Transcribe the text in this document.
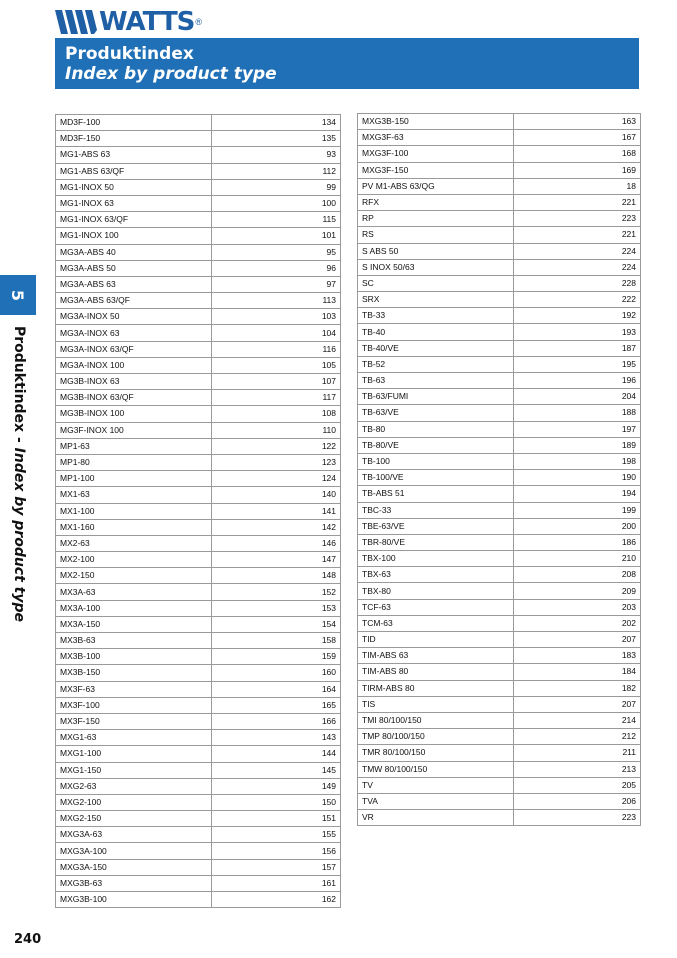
WATTS ®
Produktindex
Index by product type
5
Produktindex - Index by product type
MD3F-100	134
MD3F-150	135
MG1-ABS 63	93
MG1-ABS 63/QF	112
MG1-INOX 50	99
MG1-INOX 63	100
MG1-INOX 63/QF	115
MG1-INOX 100	101
MG3A-ABS 40	95
MG3A-ABS 50	96
MG3A-ABS 63	97
MG3A-ABS 63/QF	113
MG3A-INOX 50	103
MG3A-INOX 63	104
MG3A-INOX 63/QF	116
MG3A-INOX 100	105
MG3B-INOX 63	107
MG3B-INOX 63/QF	117
MG3B-INOX 100	108
MG3F-INOX 100	110
MP1-63	122
MP1-80	123
MP1-100	124
MX1-63	140
MX1-100	141
MX1-160	142
MX2-63	146
MX2-100	147
MX2-150	148
MX3A-63	152
MX3A-100	153
MX3A-150	154
MX3B-63	158
MX3B-100	159
MX3B-150	160
MX3F-63	164
MX3F-100	165
MX3F-150	166
MXG1-63	143
MXG1-100	144
MXG1-150	145
MXG2-63	149
MXG2-100	150
MXG2-150	151
MXG3A-63	155
MXG3A-100	156
MXG3A-150	157
MXG3B-63	161
MXG3B-100	162
MXG3B-150	163
MXG3F-63	167
MXG3F-100	168
MXG3F-150	169
PV M1-ABS 63/QG	18
RFX	221
RP	223
RS	221
S ABS 50	224
S INOX 50/63	224
SC	228
SRX	222
TB-33	192
TB-40	193
TB-40/VE	187
TB-52	195
TB-63	196
TB-63/FUMI	204
TB-63/VE	188
TB-80	197
TB-80/VE	189
TB-100	198
TB-100/VE	190
TB-ABS 51	194
TBC-33	199
TBE-63/VE	200
TBR-80/VE	186
TBX-100	210
TBX-63	208
TBX-80	209
TCF-63	203
TCM-63	202
TID	207
TIM-ABS 63	183
TIM-ABS 80	184
TIRM-ABS 80	182
TIS	207
TMI 80/100/150	214
TMP 80/100/150	212
TMR 80/100/150	211
TMW 80/100/150	213
TV	205
TVA	206
VR	223
240
